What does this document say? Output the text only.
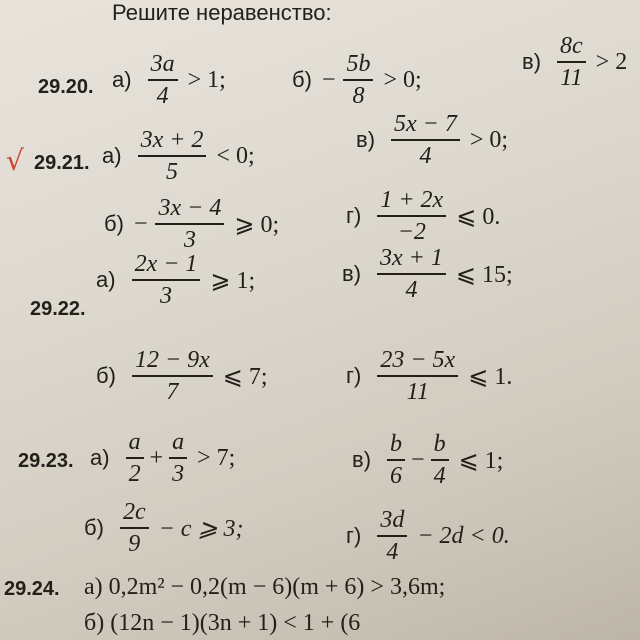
√
Решите неравенство:
29.20. $а) \frac{3a}{4} > 1$;	$б) - \frac{5b}{8} > 0$;
$в) \frac{8c}{11} > 2$
29.21. $а) \frac{3x + 2}{5} < 0$;
$в) \frac{5x - 7}{4} > 0$;
$б) - \frac{3x - 4}{3}$ ⩾ 0;	$г) \frac{1 + 2x}{-2}$ ⩽ 0.
29.22.
$а) \frac{2x - 1}{3}$ ⩾ 1;	$в) \frac{3x + 1}{4}$ ⩽ 15;
$б) \frac{12 - 9x}{7}$ ⩽ 7;	$г) \frac{23 - 5x}{11}$ ⩽ 1.
29.23. $а) \frac{a}{2} + \frac{a}{3} > 7$;	$в) \frac{b}{6} - \frac{b}{4}$ ⩽ 1;
$б) \frac{2c}{9} - c$ ⩾ 3;	$г) \frac{3d}{4} - 2d < 0$.
29.24. а) 0,2m² − 0,2(m − 6)(m + 6) > 3,6m;
б) (12n − 1)(3n + 1) < 1 + (6
